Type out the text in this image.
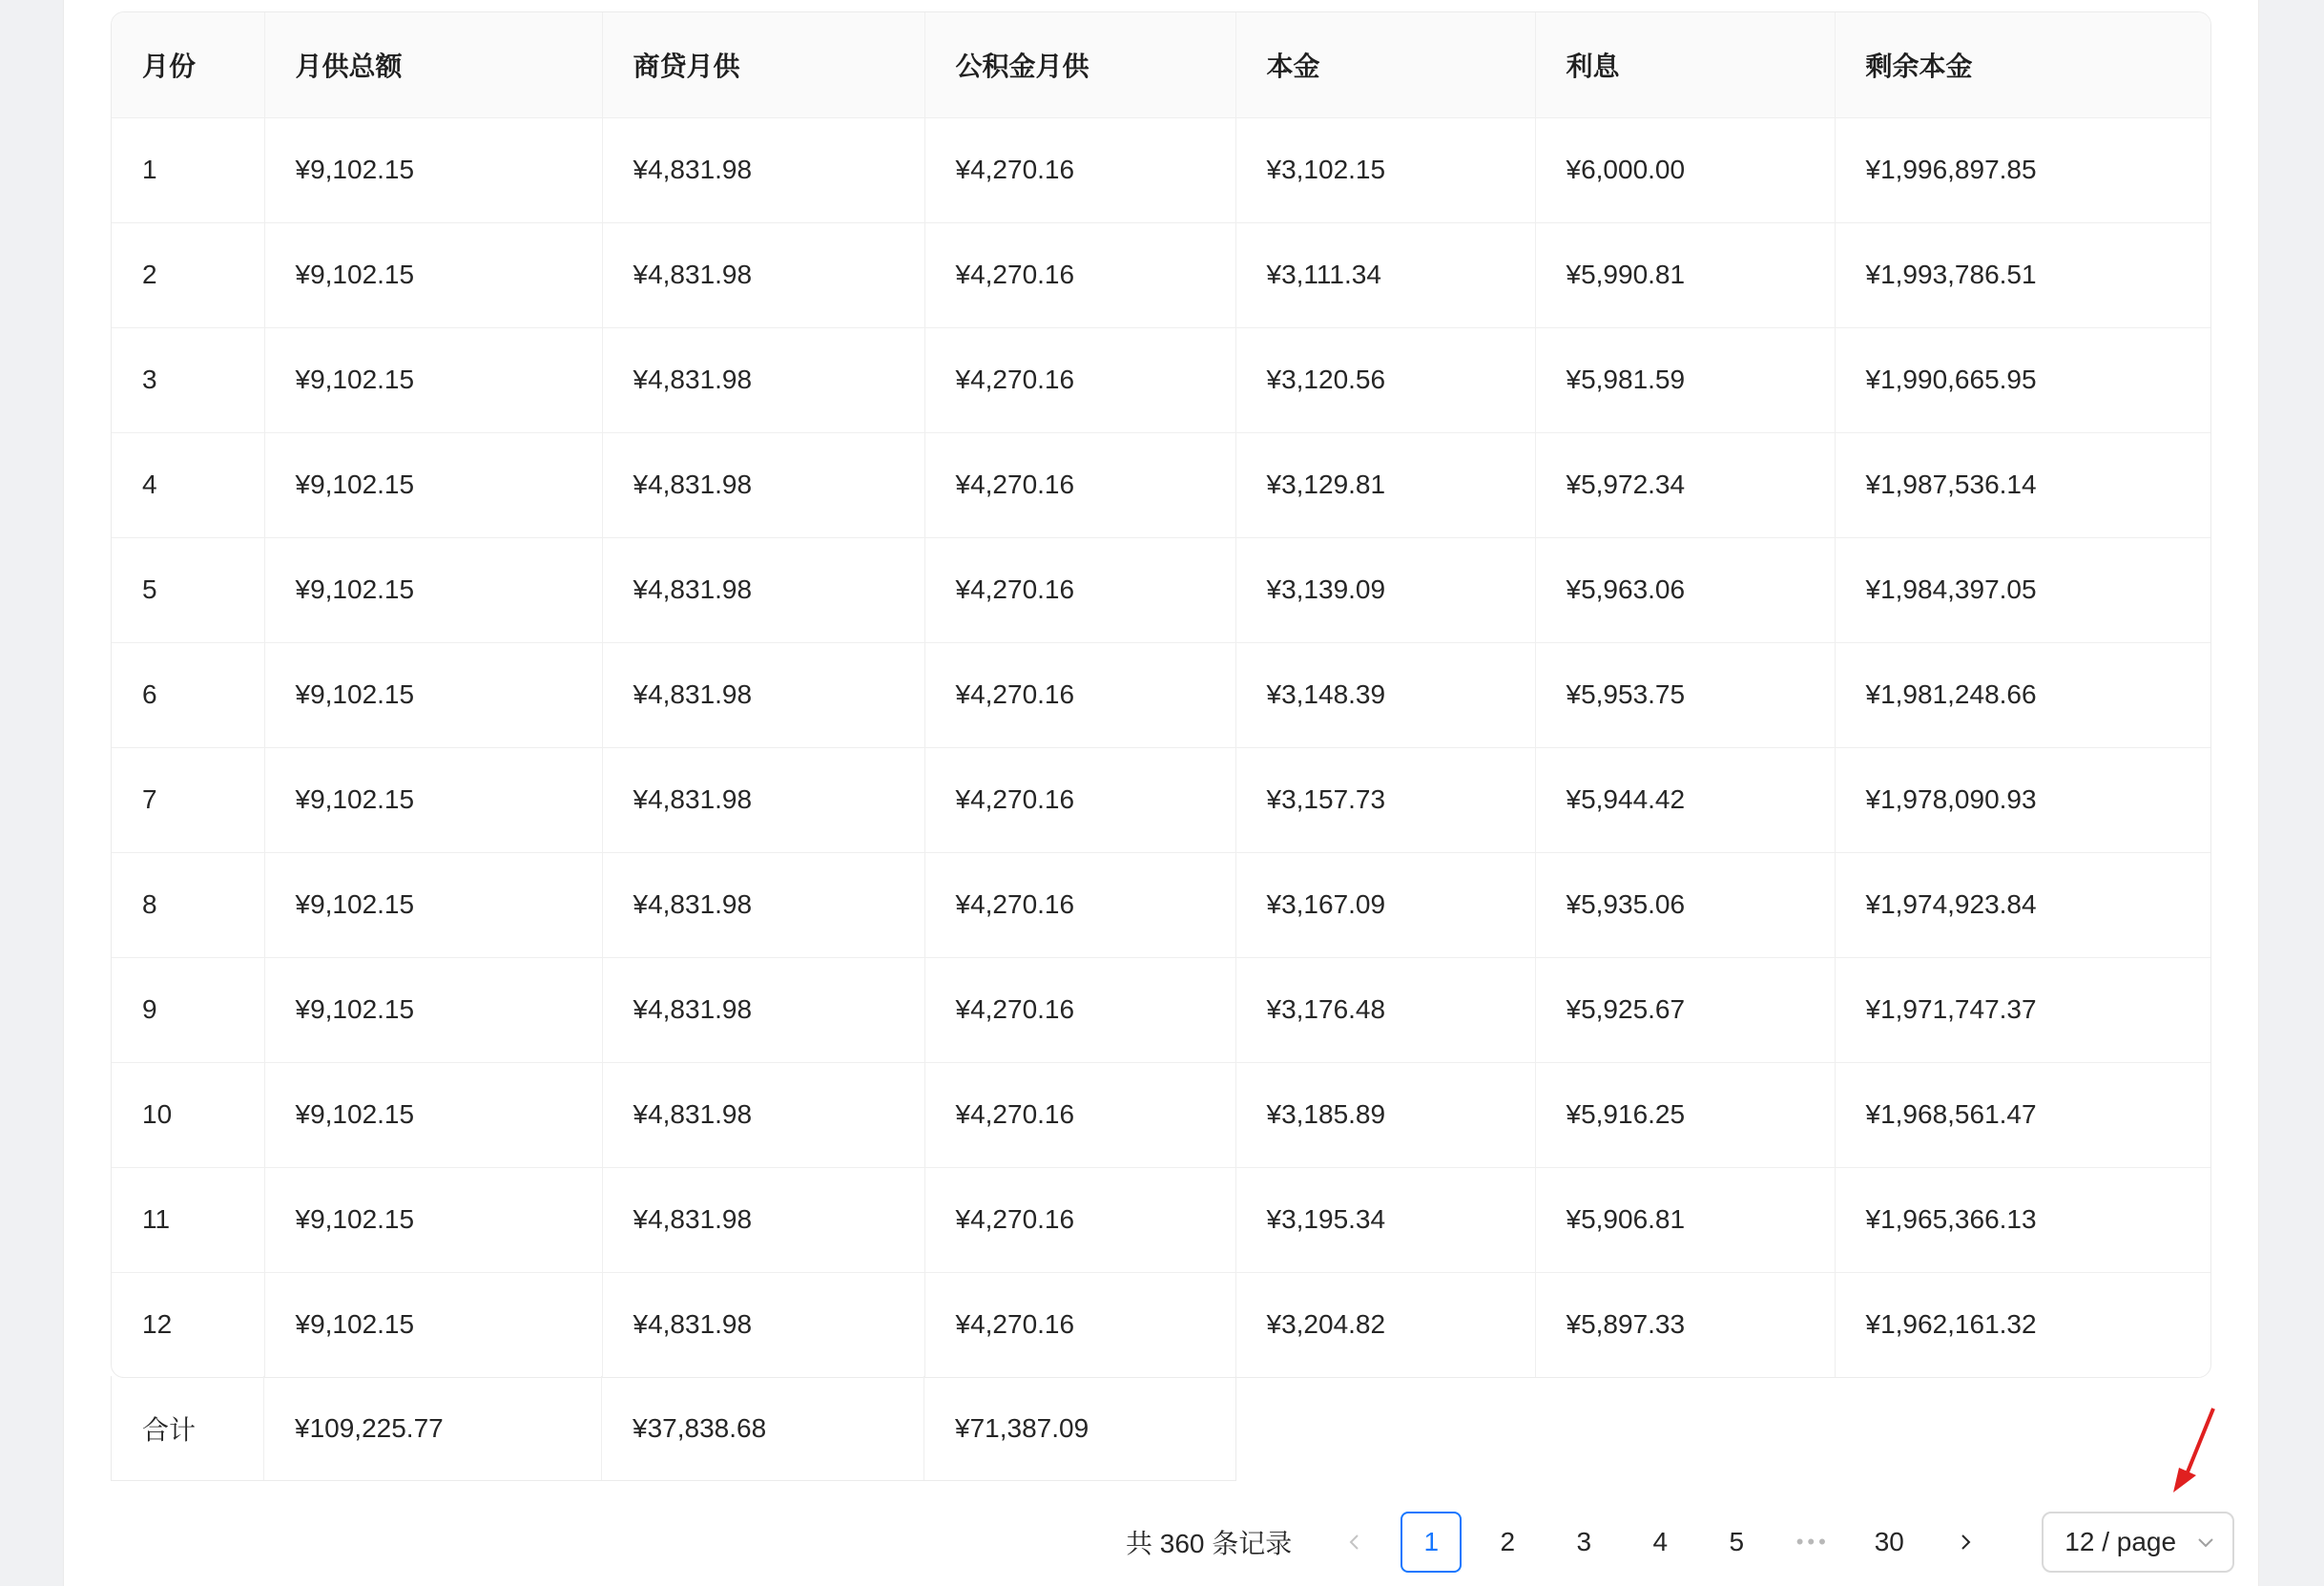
月份	月供总额	商贷月供	公积金月供	本金	利息	剩余本金
1	¥9,102.15	¥4,831.98	¥4,270.16	¥3,102.15	¥6,000.00	¥1,996,897.85
2	¥9,102.15	¥4,831.98	¥4,270.16	¥3,111.34	¥5,990.81	¥1,993,786.51
3	¥9,102.15	¥4,831.98	¥4,270.16	¥3,120.56	¥5,981.59	¥1,990,665.95
4	¥9,102.15	¥4,831.98	¥4,270.16	¥3,129.81	¥5,972.34	¥1,987,536.14
5	¥9,102.15	¥4,831.98	¥4,270.16	¥3,139.09	¥5,963.06	¥1,984,397.05
6	¥9,102.15	¥4,831.98	¥4,270.16	¥3,148.39	¥5,953.75	¥1,981,248.66
7	¥9,102.15	¥4,831.98	¥4,270.16	¥3,157.73	¥5,944.42	¥1,978,090.93
8	¥9,102.15	¥4,831.98	¥4,270.16	¥3,167.09	¥5,935.06	¥1,974,923.84
9	¥9,102.15	¥4,831.98	¥4,270.16	¥3,176.48	¥5,925.67	¥1,971,747.37
10	¥9,102.15	¥4,831.98	¥4,270.16	¥3,185.89	¥5,916.25	¥1,968,561.47
11	¥9,102.15	¥4,831.98	¥4,270.16	¥3,195.34	¥5,906.81	¥1,965,366.13
12	¥9,102.15	¥4,831.98	¥4,270.16	¥3,204.82	¥5,897.33	¥1,962,161.32
合计	¥109,225.77	¥37,838.68	¥71,387.09
共 360 条记录	1	2	3	4	5	•••	30	12 / page
